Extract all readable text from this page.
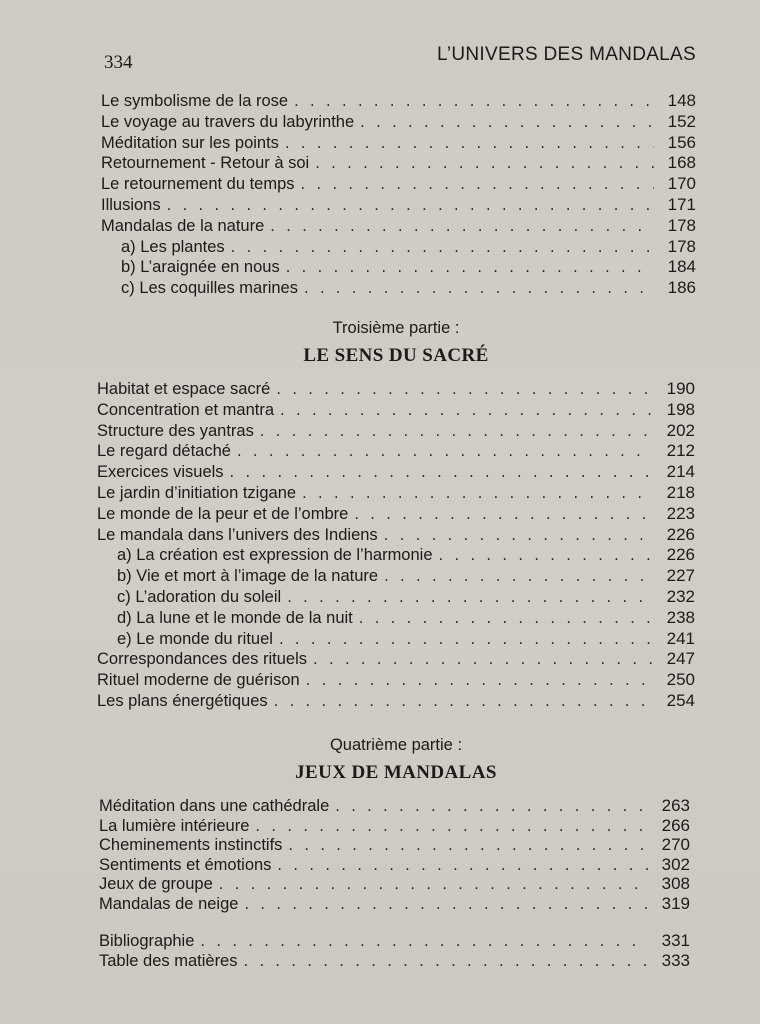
334	L’UNIVERS DES MANDALAS
Le symbolisme de la rose . . .	148
Le voyage au travers du labyrinthe . . .	152
Méditation sur les points . . .	156
Retournement - Retour à soi . . .	168
Le retournement du temps . . .	170
Illusions . . .	171
Mandalas de la nature . . .	178
a) Les plantes . . .	178
b) L’araignée en nous . . .	184
c) Les coquilles marines . . .	186
Troisième partie :
LE SENS DU SACRÉ
Habitat et espace sacré . . .	190
Concentration et mantra . . .	198
Structure des yantras . . .	202
Le regard détaché . . .	212
Exercices visuels . . .	214
Le jardin d’initiation tzigane . . .	218
Le monde de la peur et de l’ombre . . .	223
Le mandala dans l’univers des Indiens . . .	226
a) La création est expression de l’harmonie . . .	226
b) Vie et mort à l’image de la nature . . .	227
c) L’adoration du soleil . . .	232
d) La lune et le monde de la nuit . . .	238
e) Le monde du rituel . . .	241
Correspondances des rituels . . .	247
Rituel moderne de guérison . . .	250
Les plans énergétiques . . .	254
Quatrième partie :
JEUX DE MANDALAS
Méditation dans une cathédrale . . .	263
La lumière intérieure . . .	266
Cheminements instinctifs . . .	270
Sentiments et émotions . . .	302
Jeux de groupe . . .	308
Mandalas de neige . . .	319
Bibliographie . . .	331
Table des matières . . .	333
